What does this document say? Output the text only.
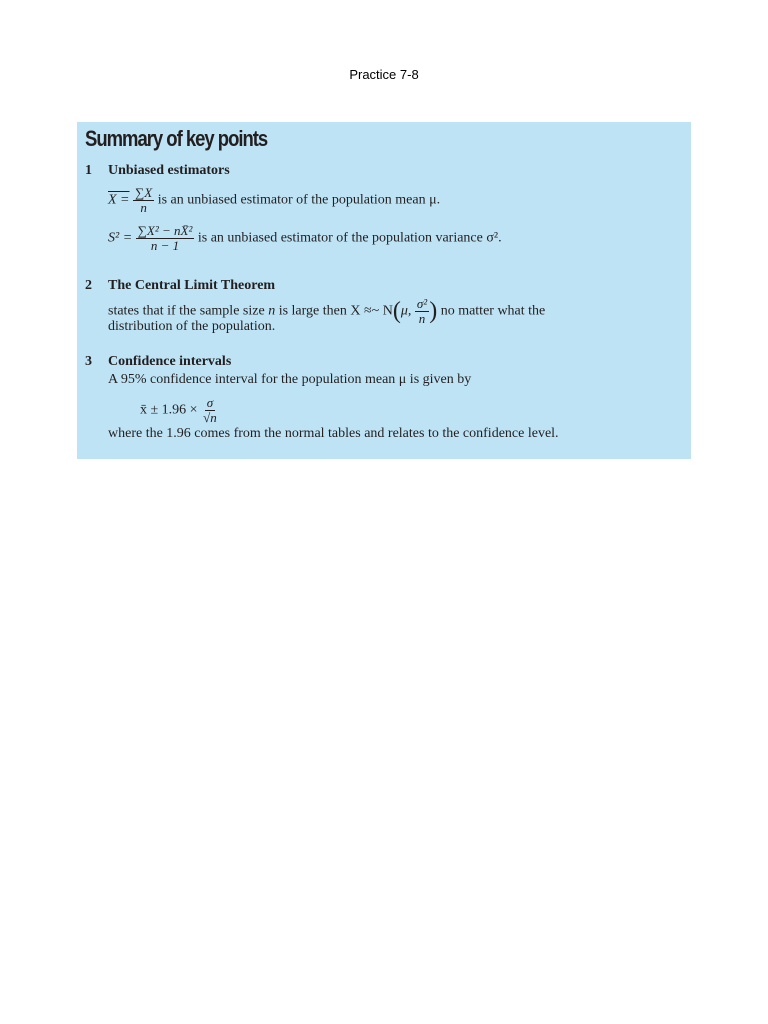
Practice 7-8
Summary of key points
1 Unbiased estimators
$X = \frac{\sum X}{n}$ is an unbiased estimator of the population mean μ.
$S^2 = \frac{\text{∑X² − nX̄²}}{n - 1}$ is an unbiased estimator of the population variance σ².
2 The Central Limit Theorem
states that if the sample size n is large then X ≈~ N(μ, $\frac{\text{σ²}}{n}$ ) no matter what the
distribution of the population.
3 Confidence intervals
A 95% confidence interval for the population mean μ is given by
x̄ ± $1.96 \times \frac{\sigma}{√n}$
where the 1.96 comes from the normal tables and relates to the confidence level.
